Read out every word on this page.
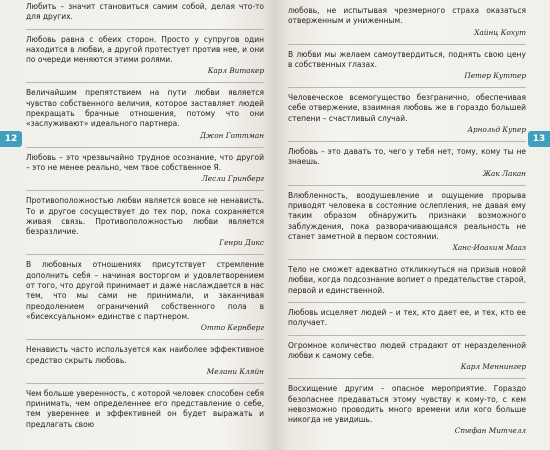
Любить – значит становиться самим собой, делая что-то для других.

Любовь равна с обеих сторон. Просто у супругов один находится в любви, а другой протестует против нее, и они по очереди меняются этими ролями.

Карл Витакер

Величайшим препятствием на пути любви является чувство собственного величия, которое заставляет людей прекращать брачные отношения, потому что они «заслуживают» идеального партнера.

Джон Готтман

Любовь – это чрезвычайно трудное осознание, что другой – это не менее реально, чем твое собственное Я.

Лесли Гринберг

Противоположностью любви является вовсе не ненависть. То и другое сосуществует до тех пор, пока сохраняется живая связь. Противоположностью любви является безразличие.

Генри Дикс

В любовных отношениях присутствует стремление дополнить себя – начиная восторгом и удовлетворением от того, что другой принимает и даже наслаждается в нас тем, что мы сами не принимали, и заканчивая преодолением ограничений собственного пола в «бисексуальном» единстве с партнером.

Отто Кернберг

Ненависть часто используется как наиболее эффективное средство скрыть любовь.

Мелани Кляйн

Чем больше уверенность, с которой человек способен себя принимать, чем определеннее его представление о себе, тем увереннее и эффективней он будет выражать и предлагать свою

12

любовь, не испытывая чрезмерного страха оказаться отверженным и униженным.

Хайнц Кохут

В любви мы желаем самоутвердиться, поднять свою цену в собственных глазах.

Петер Куттер

Человеческое всемогущество безгранично, обеспечивая себе отвержение, взаимная любовь же в гораздо большей степени – счастливый случай.

Арнольд Купер

Любовь – это давать то, чего у тебя нет, тому, кому ты не знаешь.

Жак Лакан

Влюбленность, воодушевление и ощущение прорыва приводят человека в состояние ослепления, не давая ему таким образом обнаружить признаки возможного заблуждения, пока разворачивающаяся реальность не станет заметной в первом состоянии.

Ханс-Иоахим Мааз

Тело не сможет адекватно откликнуться на призыв новой любви, когда подсознание вопиет о предательстве старой, первой и единственной.

Любовь исцеляет людей – и тех, кто дает ее, и тех, кто ее получает.

Огромное количество людей страдают от неразделенной любви к самому себе.

Карл Меннингер

Восхищение другим – опасное мероприятие. Гораздо безопаснее предаваться этому чувству к кому-то, с кем невозможно проводить много времени или кого больше никогда не увидишь.

Стефан Митчелл

13
